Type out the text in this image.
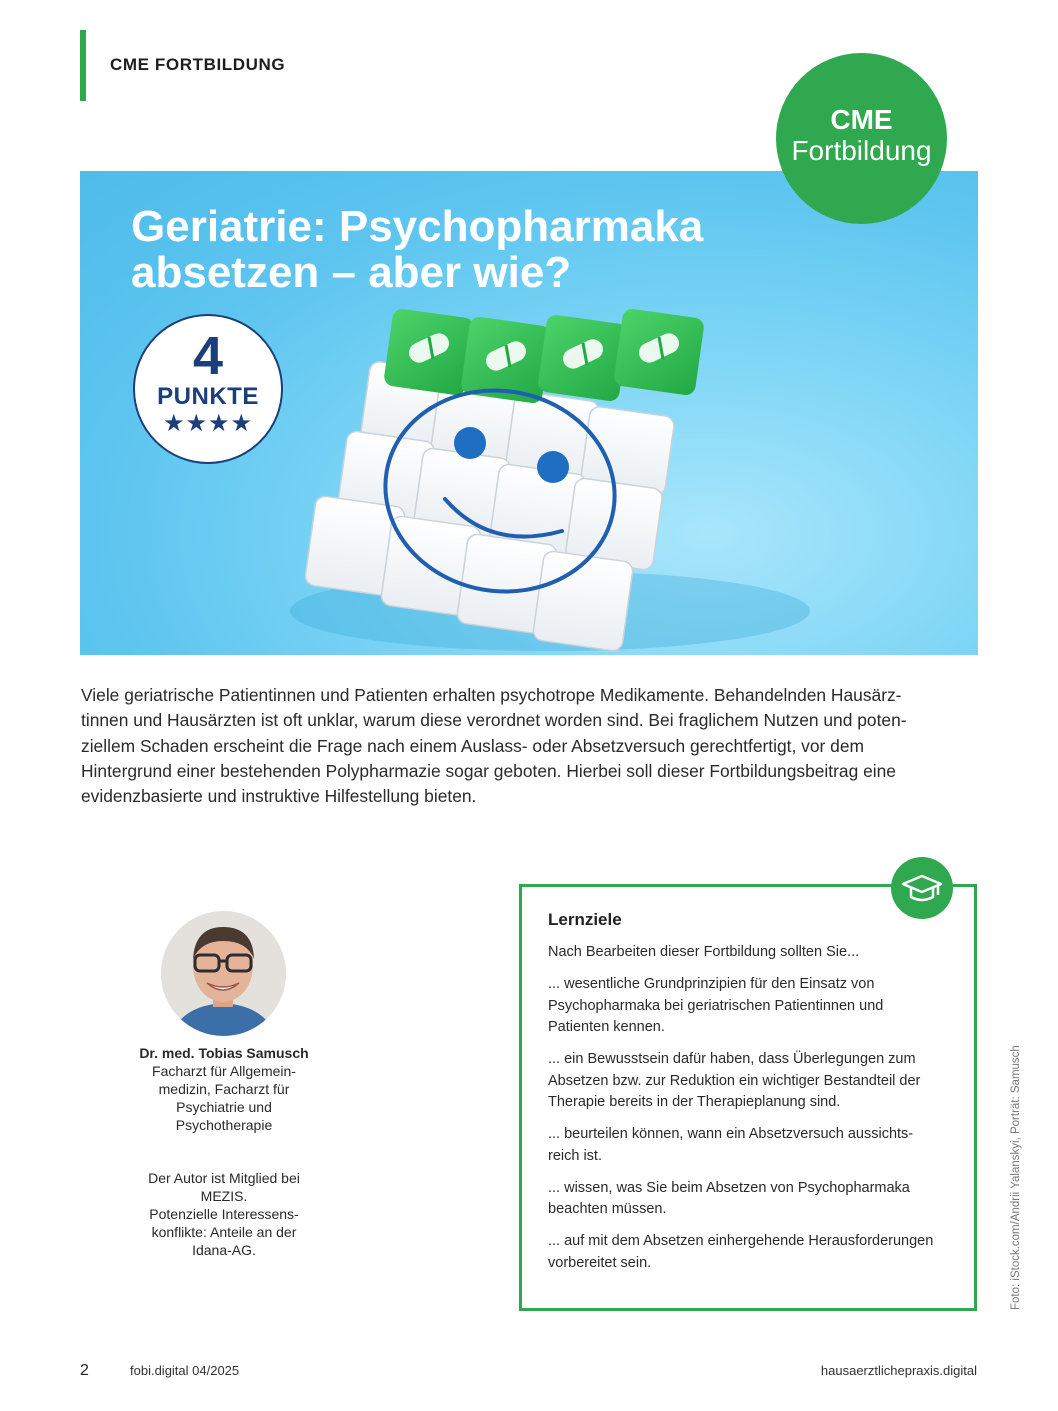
CME FORTBILDUNG
Geriatrie: Psychopharmaka
absetzen – aber wie?
CME
Fortbildung
4
PUNKTE
★★★★
Viele geriatrische Patientinnen und Patienten erhalten psychotrope Medikamente. Behandelnden Hausärz-
tinnen und Hausärzten ist oft unklar, warum diese verordnet worden sind. Bei fraglichem Nutzen und poten-
ziellem Schaden erscheint die Frage nach einem Auslass- oder Absetzversuch gerechtfertigt, vor dem
Hintergrund einer bestehenden Polypharmazie sogar geboten. Hierbei soll dieser Fortbildungsbeitrag eine
evidenzbasierte und instruktive Hilfestellung bieten.
Dr. med. Tobias Samusch
Facharzt für Allgemein-
medizin, Facharzt für
Psychiatrie und
Psychotherapie
Der Autor ist Mitglied bei
MEZIS.
Potenzielle Interessens-
konflikte: Anteile an der
Idana-AG.
Lernziele
Nach Bearbeiten dieser Fortbildung sollten Sie...
... wesentliche Grundprinzipien für den Einsatz von
Psychopharmaka bei geriatrischen Patientinnen und
Patienten kennen.
... ein Bewusstsein dafür haben, dass Überlegungen zum
Absetzen bzw. zur Reduktion ein wichtiger Bestandteil der
Therapie bereits in der Therapieplanung sind.
... beurteilen können, wann ein Absetzversuch aussichts-
reich ist.
... wissen, was Sie beim Absetzen von Psychopharmaka
beachten müssen.
... auf mit dem Absetzen einhergehende Herausforderungen
vorbereitet sein.	Foto: iStock.com/Andrii Yalanskyi, Porträt: Samusch
2	fobi.digital 04/2025	hausaerztlichepraxis.digital
